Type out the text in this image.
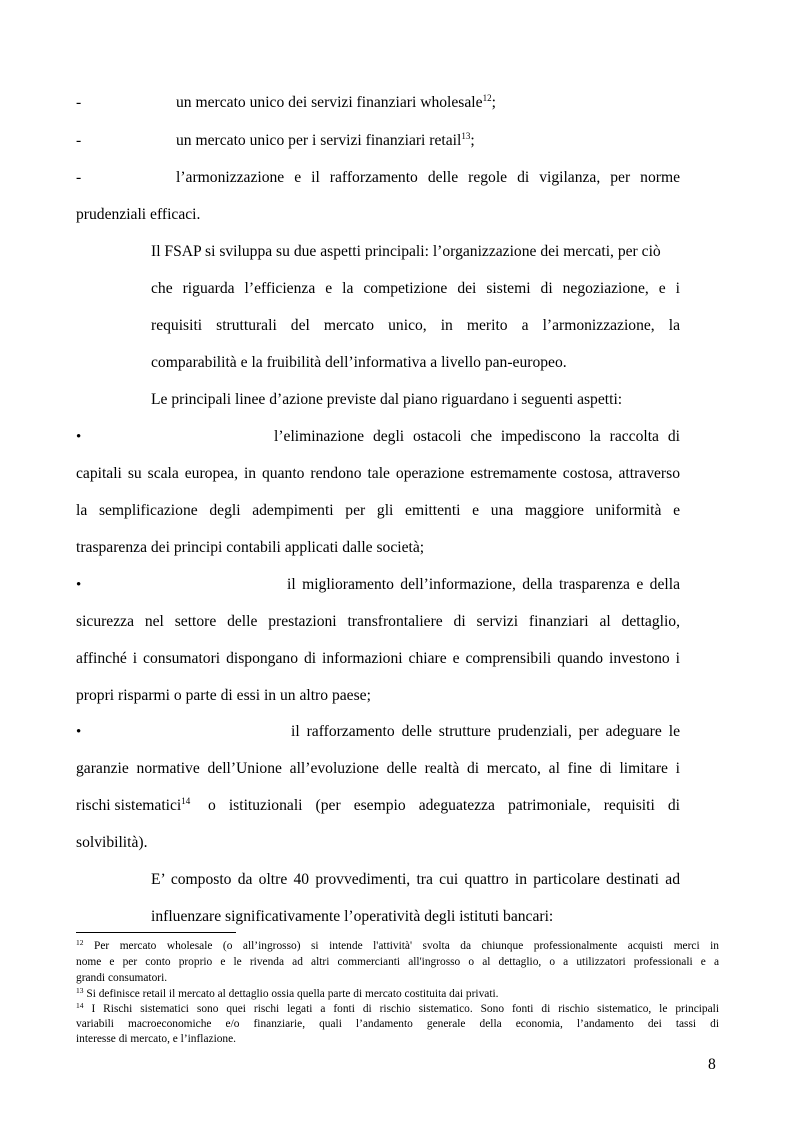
-	un mercato unico dei servizi finanziari wholesale$^{12}$;
-	un mercato unico per i servizi finanziari retail$^{13}$;
-	l’armonizzazione e il rafforzamento delle regole di vigilanza, per norme
prudenziali efficaci.
Il FSAP si sviluppa su due aspetti principali: l’organizzazione dei mercati, per ciò
che riguarda l’efficienza e la competizione dei sistemi di negoziazione, e i
requisiti strutturali del mercato unico, in merito a l’armonizzazione, la
comparabilità e la fruibilità dell’informativa a livello pan-europeo.
Le principali linee d’azione previste dal piano riguardano i seguenti aspetti:
•	l’eliminazione degli ostacoli che impediscono la raccolta di
capitali su scala europea, in quanto rendono tale operazione estremamente costosa, attraverso
la semplificazione degli adempimenti per gli emittenti e una maggiore uniformità e
trasparenza dei principi contabili applicati dalle società;
•	il miglioramento dell’informazione, della trasparenza e della
sicurezza nel settore delle prestazioni transfrontaliere di servizi finanziari al dettaglio,
affinché i consumatori dispongano di informazioni chiare e comprensibili quando investono i
propri risparmi o parte di essi in un altro paese;
•	il rafforzamento delle strutture prudenziali, per adeguare le
garanzie normative dell’Unione all’evoluzione delle realtà di mercato, al fine di limitare i
rischi sistematici$^{14}$ o istituzionali (per esempio adeguatezza patrimoniale, requisiti di
solvibilità).
E’ composto da oltre 40 provvedimenti, tra cui quattro in particolare destinati ad
influenzare significativamente l’operatività degli istituti bancari:
$^{12}$ Per mercato wholesale (o all’ingrosso) si intende l'attività' svolta da chiunque professionalmente acquisti merci in
nome e per conto proprio e le rivenda ad altri commercianti all'ingrosso o al dettaglio, o a utilizzatori professionali e a
grandi consumatori.
$^{13}$ Si definisce retail il mercato al dettaglio ossia quella parte di mercato costituita dai privati.
$^{14}$ I Rischi sistematici sono quei rischi legati a fonti di rischio sistematico. Sono fonti di rischio sistematico, le principali
variabili macroeconomiche e/o finanziarie, quali l’andamento generale della economia, l’andamento dei tassi di
interesse di mercato, e l’inflazione.
8
